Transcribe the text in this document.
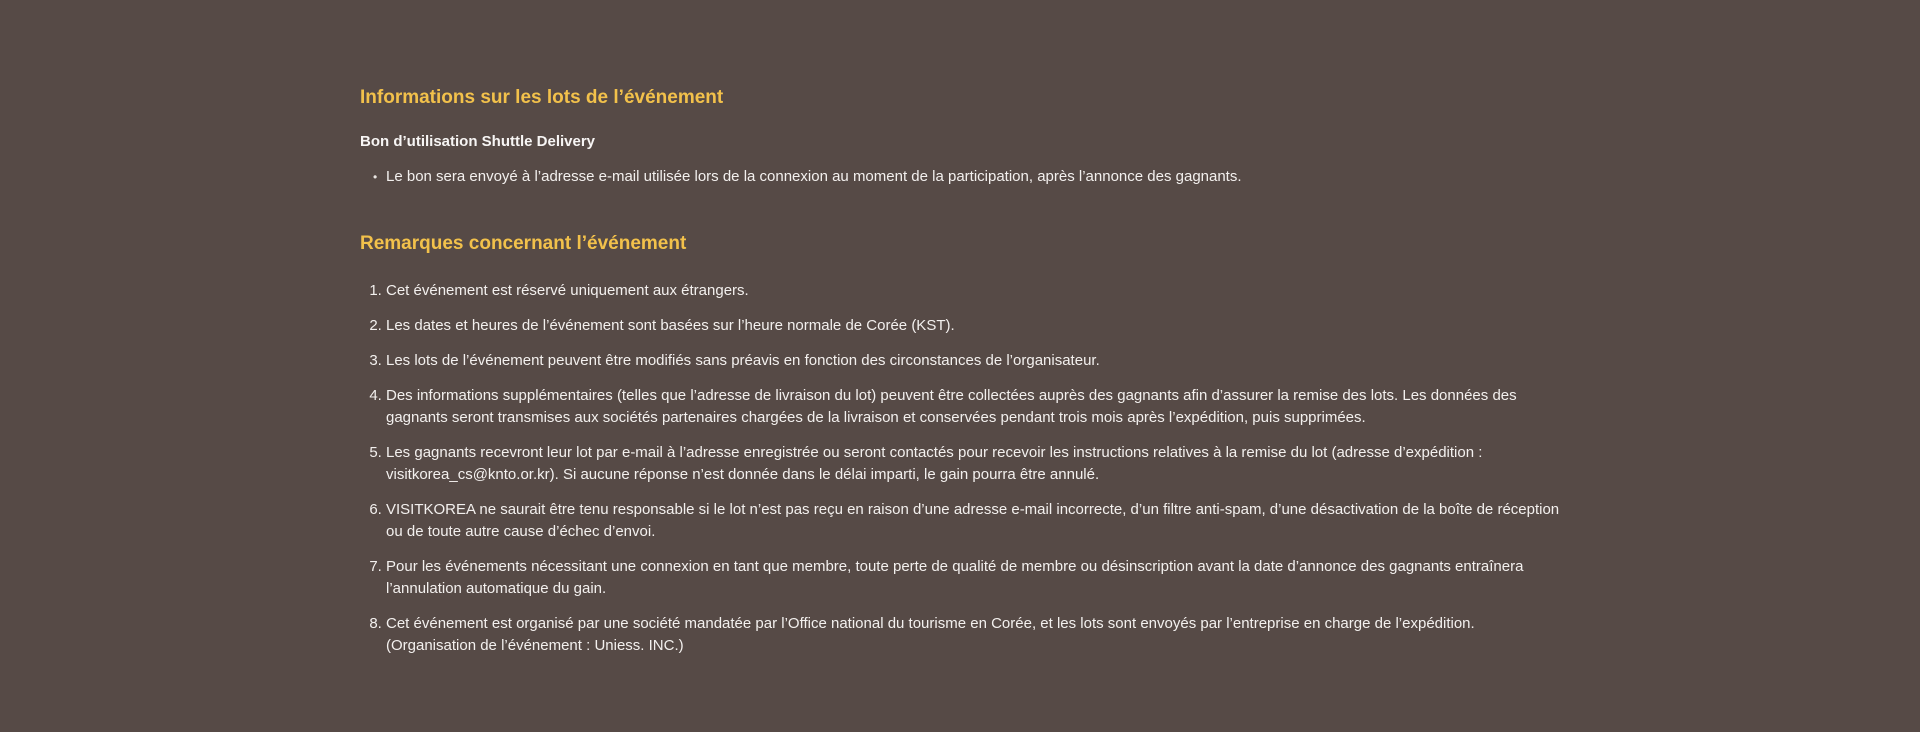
Informations sur les lots de l’événement

Bon d’utilisation Shuttle Delivery

• Le bon sera envoyé à l’adresse e-mail utilisée lors de la connexion au moment de la participation, après l’annonce des gagnants.
Remarques concernant l’événement
1. Cet événement est réservé uniquement aux étrangers.
2. Les dates et heures de l’événement sont basées sur l’heure normale de Corée (KST).
3. Les lots de l’événement peuvent être modifiés sans préavis en fonction des circonstances de l’organisateur.
4. Des informations supplémentaires (telles que l’adresse de livraison du lot) peuvent être collectées auprès des gagnants afin d’assurer la remise des lots. Les données des gagnants seront transmises aux sociétés partenaires chargées de la livraison et conservées pendant trois mois après l’expédition, puis supprimées.
5. Les gagnants recevront leur lot par e-mail à l’adresse enregistrée ou seront contactés pour recevoir les instructions relatives à la remise du lot (adresse d’expédition : visitkorea_cs@knto.or.kr). Si aucune réponse n’est donnée dans le délai imparti, le gain pourra être annulé.
6. VISITKOREA ne saurait être tenu responsable si le lot n’est pas reçu en raison d’une adresse e-mail incorrecte, d’un filtre anti-spam, d’une désactivation de la boîte de réception ou de toute autre cause d’échec d’envoi.
7. Pour les événements nécessitant une connexion en tant que membre, toute perte de qualité de membre ou désinscription avant la date d’annonce des gagnants entraînera l’annulation automatique du gain.
8. Cet événement est organisé par une société mandatée par l’Office national du tourisme en Corée, et les lots sont envoyés par l’entreprise en charge de l’expédition. (Organisation de l’événement : Uniess. INC.)
